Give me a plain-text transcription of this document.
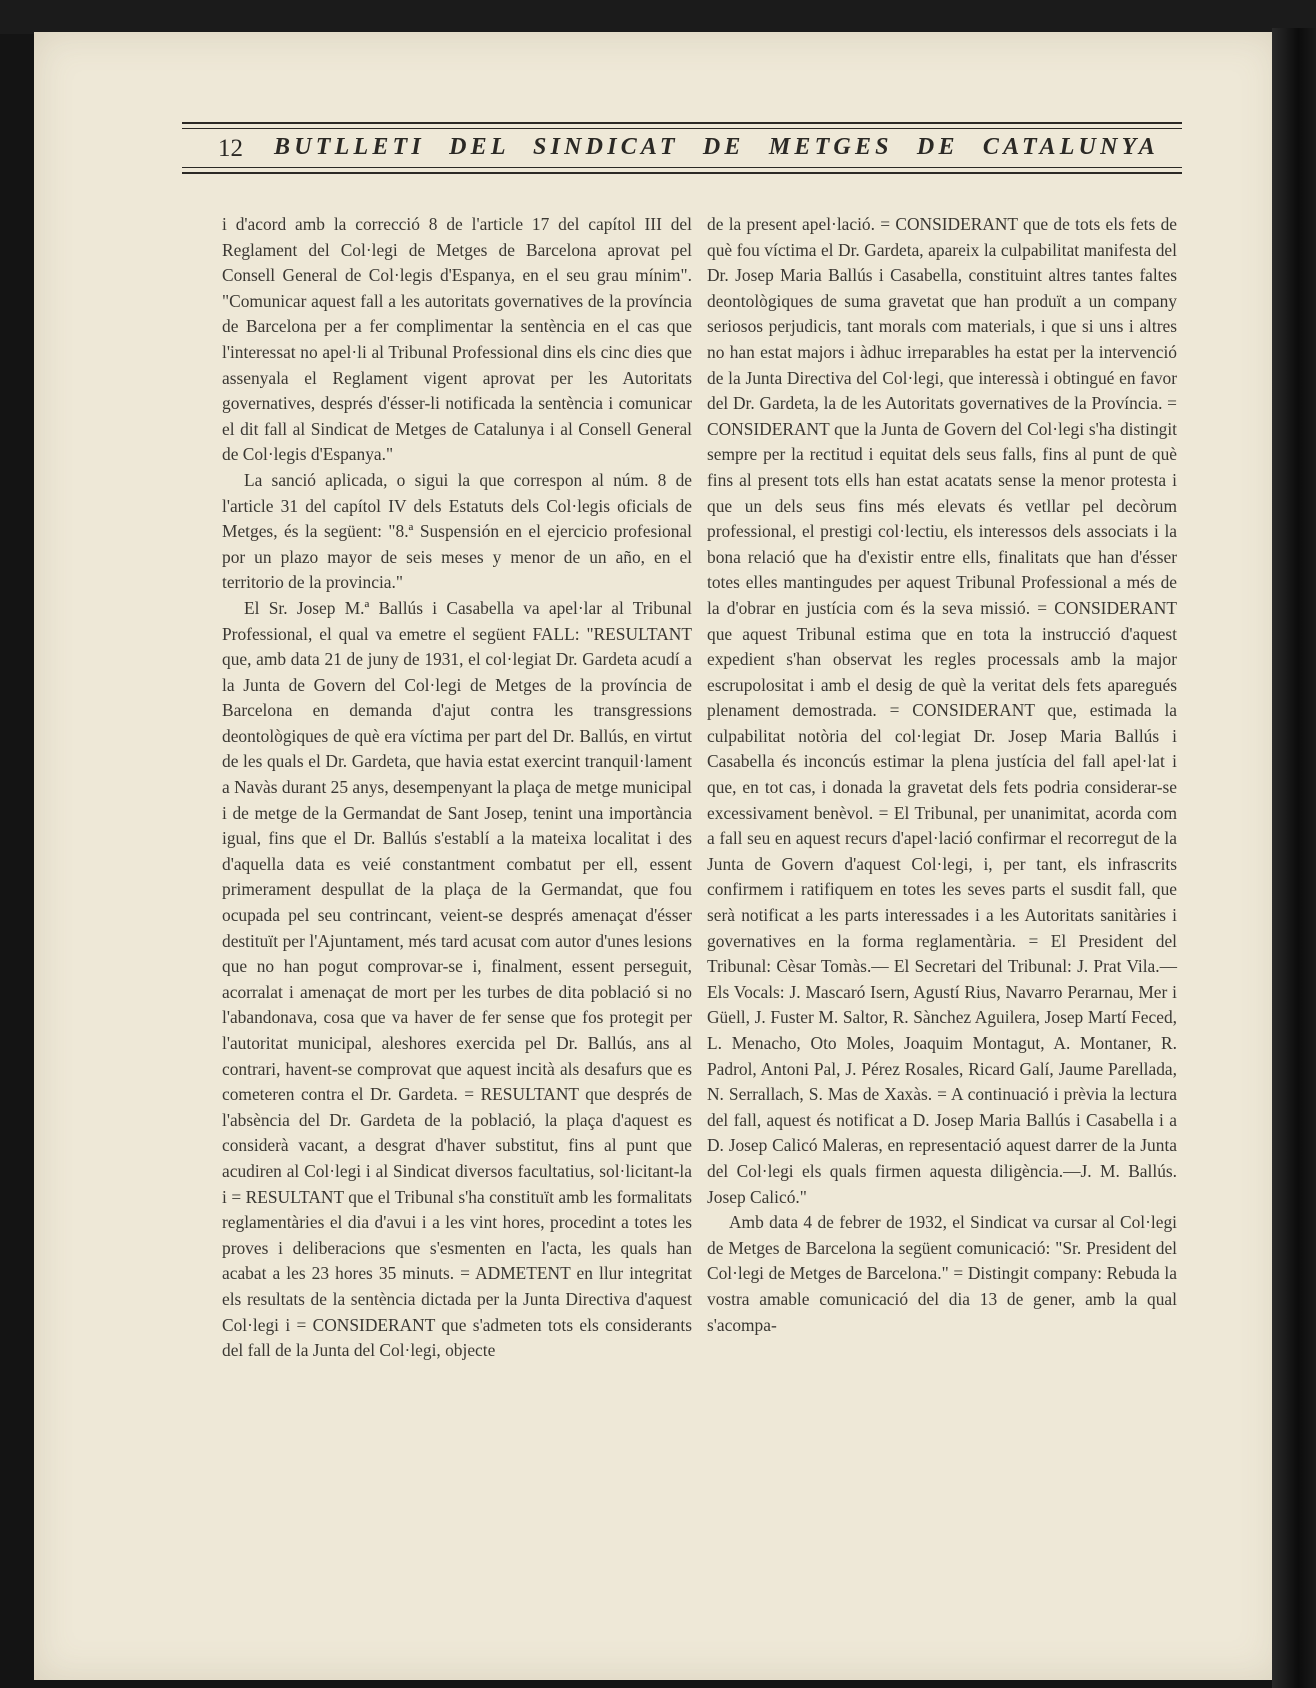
12 BUTLLETI DEL SINDICAT DE METGES DE CATALUNYA

i d'acord amb la correcció 8 de l'article 17 del capítol III del Reglament del Col·legi de Metges de Barcelona aprovat pel Consell General de Col·legis d'Espanya, en el seu grau mínim". "Comunicar aquest fall a les autoritats governatives de la província de Barcelona per a fer complimentar la sentència en el cas que l'interessat no apel·li al Tribunal Professional dins els cinc dies que assenyala el Reglament vigent aprovat per les Autoritats governatives, després d'ésser-li notificada la sentència i comunicar el dit fall al Sindicat de Metges de Catalunya i al Consell General de Col·legis d'Espanya."

La sanció aplicada, o sigui la que correspon al núm. 8 de l'article 31 del capítol IV dels Estatuts dels Col·legis oficials de Metges, és la següent: "8.ª Suspensión en el ejercicio profesional por un plazo mayor de seis meses y menor de un año, en el territorio de la provincia."

El Sr. Josep M.ª Ballús i Casabella va apel·lar al Tribunal Professional, el qual va emetre el següent FALL: "RESULTANT que, amb data 21 de juny de 1931, el col·legiat Dr. Gardeta acudí a la Junta de Govern del Col·legi de Metges de la província de Barcelona en demanda d'ajut contra les transgressions deontològiques de què era víctima per part del Dr. Ballús, en virtut de les quals el Dr. Gardeta, que havia estat exercint tranquil·lament a Navàs durant 25 anys, desempenyant la plaça de metge municipal i de metge de la Germandat de Sant Josep, tenint una importància igual, fins que el Dr. Ballús s'establí a la mateixa localitat i des d'aquella data es veié constantment combatut per ell, essent primerament despullat de la plaça de la Germandat, que fou ocupada pel seu contrincant, veient-se després amenaçat d'ésser destituït per l'Ajuntament, més tard acusat com autor d'unes lesions que no han pogut comprovar-se i, finalment, essent perseguit, acorralat i amenaçat de mort per les turbes de dita població si no l'abandonava, cosa que va haver de fer sense que fos protegit per l'autoritat municipal, aleshores exercida pel Dr. Ballús, ans al contrari, havent-se comprovat que aquest incità als desafurs que es cometeren contra el Dr. Gardeta. = RESULTANT que després de l'absència del Dr. Gardeta de la població, la plaça d'aquest es considerà vacant, a desgrat d'haver substitut, fins al punt que acudiren al Col·legi i al Sindicat diversos facultatius, sol·licitant-la i = RESULTANT que el Tribunal s'ha constituït amb les formalitats reglamentàries el dia d'avui i a les vint hores, procedint a totes les proves i deliberacions que s'esmenten en l'acta, les quals han acabat a les 23 hores 35 minuts. = ADMETENT en llur integritat els resultats de la sentència dictada per la Junta Directiva d'aquest Col·legi i = CONSIDERANT que s'admeten tots els considerants del fall de la Junta del Col·legi, objecte

de la present apel·lació. = CONSIDERANT que de tots els fets de què fou víctima el Dr. Gardeta, apareix la culpabilitat manifesta del Dr. Josep Maria Ballús i Casabella, constituint altres tantes faltes deontològiques de suma gravetat que han produït a un company seriosos perjudicis, tant morals com materials, i que si uns i altres no han estat majors i àdhuc irreparables ha estat per la intervenció de la Junta Directiva del Col·legi, que interessà i obtingué en favor del Dr. Gardeta, la de les Autoritats governatives de la Província. = CONSIDERANT que la Junta de Govern del Col·legi s'ha distingit sempre per la rectitud i equitat dels seus falls, fins al punt de què fins al present tots ells han estat acatats sense la menor protesta i que un dels seus fins més elevats és vetllar pel decòrum professional, el prestigi col·lectiu, els interessos dels associats i la bona relació que ha d'existir entre ells, finalitats que han d'ésser totes elles mantingudes per aquest Tribunal Professional a més de la d'obrar en justícia com és la seva missió. = CONSIDERANT que aquest Tribunal estima que en tota la instrucció d'aquest expedient s'han observat les regles processals amb la major escrupolositat i amb el desig de què la veritat dels fets aparegués plenament demostrada. = CONSIDERANT que, estimada la culpabilitat notòria del col·legiat Dr. Josep Maria Ballús i Casabella és inconcús estimar la plena justícia del fall apel·lat i que, en tot cas, i donada la gravetat dels fets podria considerar-se excessivament benèvol. = El Tribunal, per unanimitat, acorda com a fall seu en aquest recurs d'apel·lació confirmar el recorregut de la Junta de Govern d'aquest Col·legi, i, per tant, els infrascrits confirmem i ratifiquem en totes les seves parts el susdit fall, que serà notificat a les parts interessades i a les Autoritats sanitàries i governatives en la forma reglamentària. = El President del Tribunal: Cèsar Tomàs.— El Secretari del Tribunal: J. Prat Vila.—Els Vocals: J. Mascaró Isern, Agustí Rius, Navarro Perarnau, Mer i Güell, J. Fuster M. Saltor, R. Sànchez Aguilera, Josep Martí Feced, L. Menacho, Oto Moles, Joaquim Montagut, A. Montaner, R. Padrol, Antoni Pal, J. Pérez Rosales, Ricard Galí, Jaume Parellada, N. Serrallach, S. Mas de Xaxàs. = A continuació i prèvia la lectura del fall, aquest és notificat a D. Josep Maria Ballús i Casabella i a D. Josep Calicó Maleras, en representació aquest darrer de la Junta del Col·legi els quals firmen aquesta diligència.—J. M. Ballús. Josep Calicó."

Amb data 4 de febrer de 1932, el Sindicat va cursar al Col·legi de Metges de Barcelona la següent comunicació: "Sr. President del Col·legi de Metges de Barcelona." = Distingit company: Rebuda la vostra amable comunicació del dia 13 de gener, amb la qual s'acompa-
